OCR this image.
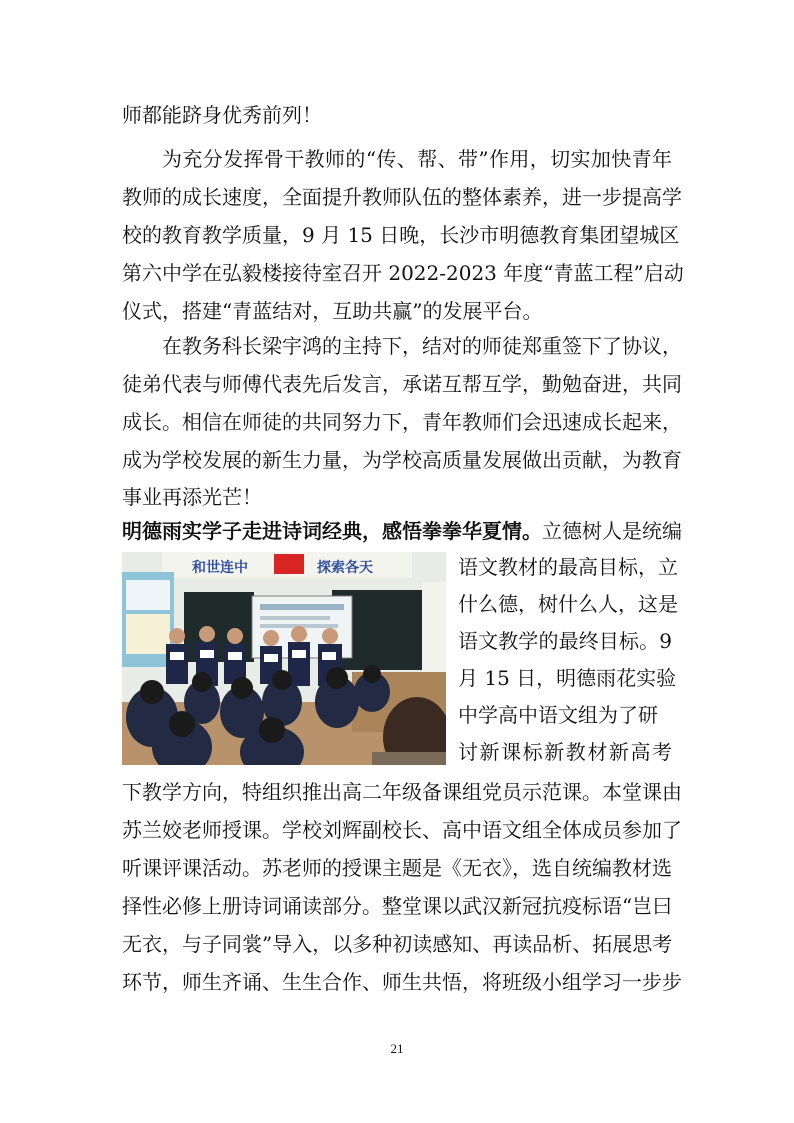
师都能跻身优秀前列！
为充分发挥骨干教师的“传、帮、带”作用，切实加快青年
教师的成长速度，全面提升教师队伍的整体素养，进一步提高学
校的教育教学质量，9 月 15 日晚，长沙市明德教育集团望城区
第六中学在弘毅楼接待室召开 2022-2023 年度“青蓝工程”启动
仪式，搭建“青蓝结对，互助共赢”的发展平台。
在教务科长梁宇鸿的主持下，结对的师徒郑重签下了协议，
徒弟代表与师傅代表先后发言，承诺互帮互学，勤勉奋进，共同
成长。相信在师徒的共同努力下，青年教师们会迅速成长起来，
成为学校发展的新生力量，为学校高质量发展做出贡献，为教育
事业再添光芒！
明德雨实学子走进诗词经典，感悟拳拳华夏情。立德树人是统编
和世连中	探索各天	语文教材的最高目标，立
什么德，树什么人，这是
语文教学的最终目标。9
月 15 日，明德雨花实验
中学高中语文组为了研
讨新课标新教材新高考
下教学方向，特组织推出高二年级备课组党员示范课。本堂课由
苏兰姣老师授课。学校刘辉副校长、高中语文组全体成员参加了
听课评课活动。苏老师的授课主题是《无衣》，选自统编教材选
择性必修上册诗词诵读部分。整堂课以武汉新冠抗疫标语“岂曰
无衣，与子同裳”导入，以多种初读感知、再读品析、拓展思考
环节，师生齐诵、生生合作、师生共悟，将班级小组学习一步步
21
